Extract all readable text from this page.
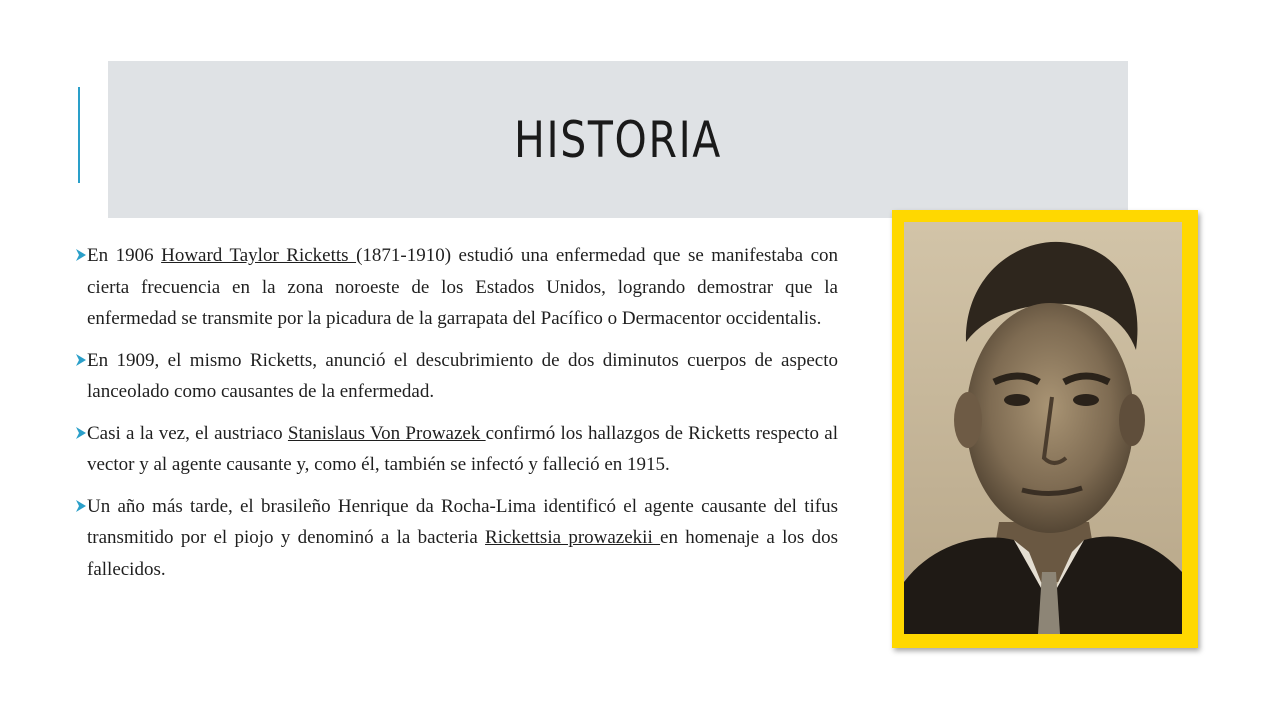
HISTORIA
En 1906 Howard Taylor Ricketts (1871-1910) estudió una enfermedad que se manifestaba con cierta frecuencia en la zona noroeste de los Estados Unidos, logrando demostrar que la enfermedad se transmite por la picadura de la garrapata del Pacífico o Dermacentor occidentalis.
En 1909, el mismo Ricketts, anunció el descubrimiento de dos diminutos cuerpos de aspecto lanceolado como causantes de la enfermedad.
Casi a la vez, el austriaco Stanislaus Von Prowazek confirmó los hallazgos de Ricketts respecto al vector y al agente causante y, como él, también se infectó y falleció en 1915.
Un año más tarde, el brasileño Henrique da Rocha-Lima identificó el agente causante del tifus transmitido por el piojo y denominó a la bacteria Rickettsia prowazekii en homenaje a los dos fallecidos.
